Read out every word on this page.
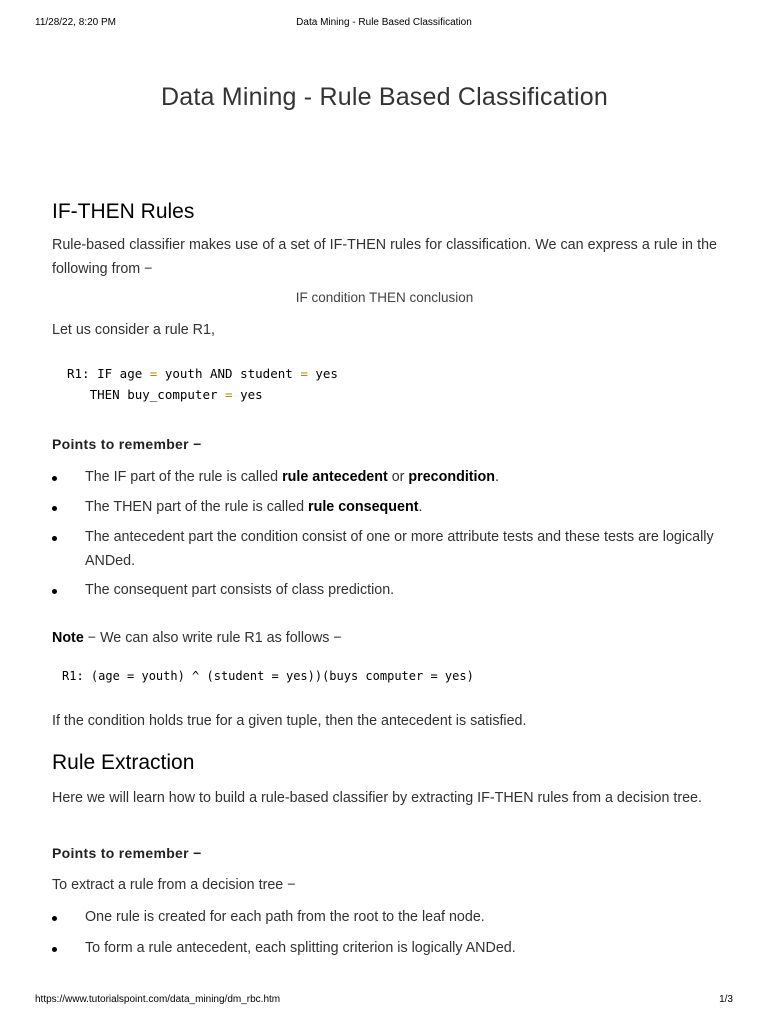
11/28/22, 8:20 PM	Data Mining - Rule Based Classification
Data Mining - Rule Based Classification
IF-THEN Rules

Rule-based classifier makes use of a set of IF-THEN rules for classification. We can express a rule in the following from −

IF condition THEN conclusion

Let us consider a rule R1,

R1: IF age = youth AND student = yes
THEN buy_computer = yes

Points to remember −

The IF part of the rule is called rule antecedent or precondition.
The THEN part of the rule is called rule consequent.
The antecedent part the condition consist of one or more attribute tests and these tests are logically ANDed.
The consequent part consists of class prediction.

Note − We can also write rule R1 as follows −

R1: (age = youth) ^ (student = yes))(buys computer = yes)

If the condition holds true for a given tuple, then the antecedent is satisfied.

Rule Extraction

Here we will learn how to build a rule-based classifier by extracting IF-THEN rules from a decision tree.

Points to remember −

To extract a rule from a decision tree −

One rule is created for each path from the root to the leaf node.
To form a rule antecedent, each splitting criterion is logically ANDed.
https://www.tutorialspoint.com/data_mining/dm_rbc.htm	1/3
